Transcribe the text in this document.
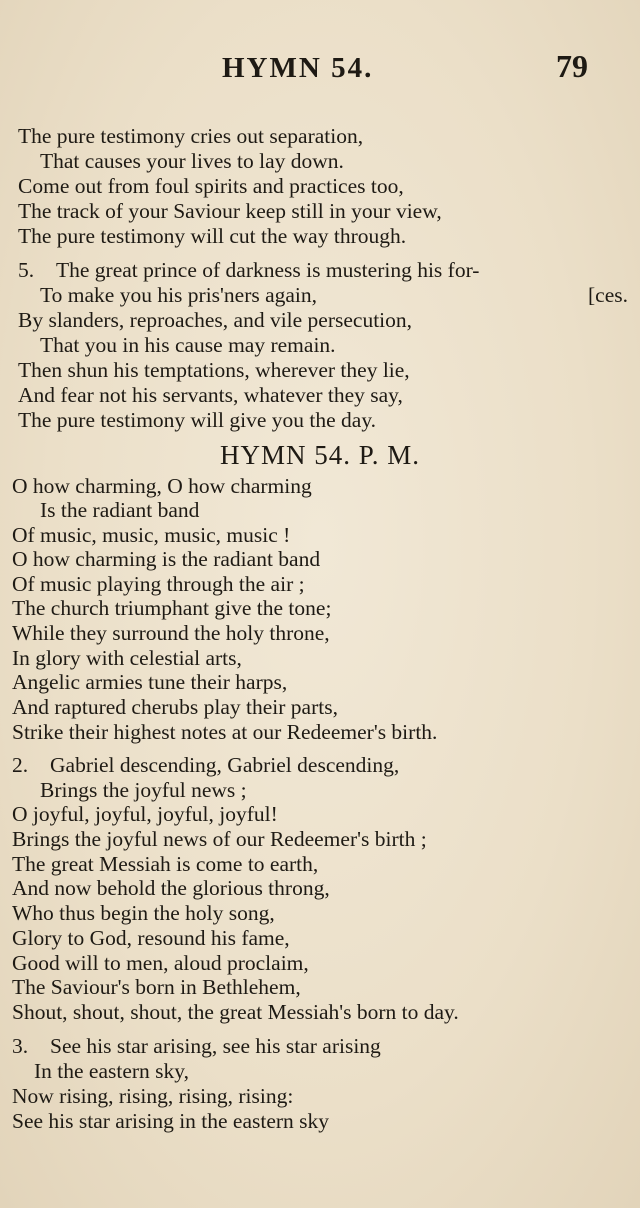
HYMN 54.	79
The pure testimony cries out separation,
That causes your lives to lay down.
Come out from foul spirits and practices too,
The track of your Saviour keep still in your view,
The pure testimony will cut the way through.
5. The great prince of darkness is mustering his for-
To make you his pris'ners again,	[ces.
By slanders, reproaches, and vile persecution,
That you in his cause may remain.
Then shun his temptations, wherever they lie,
And fear not his servants, whatever they say,
The pure testimony will give you the day.
HYMN 54. P. M.
O how charming, O how charming
Is the radiant band
Of music, music, music, music !
O how charming is the radiant band
Of music playing through the air ;
The church triumphant give the tone;
While they surround the holy throne,
In glory with celestial arts,
Angelic armies tune their harps,
And raptured cherubs play their parts,
Strike their highest notes at our Redeemer's birth.
2. Gabriel descending, Gabriel descending,
Brings the joyful news ;
O joyful, joyful, joyful, joyful!
Brings the joyful news of our Redeemer's birth ;
The great Messiah is come to earth,
And now behold the glorious throng,
Who thus begin the holy song,
Glory to God, resound his fame,
Good will to men, aloud proclaim,
The Saviour's born in Bethlehem,
Shout, shout, shout, the great Messiah's born to day.
3. See his star arising, see his star arising
In the eastern sky,
Now rising, rising, rising, rising:
See his star arising in the eastern sky
